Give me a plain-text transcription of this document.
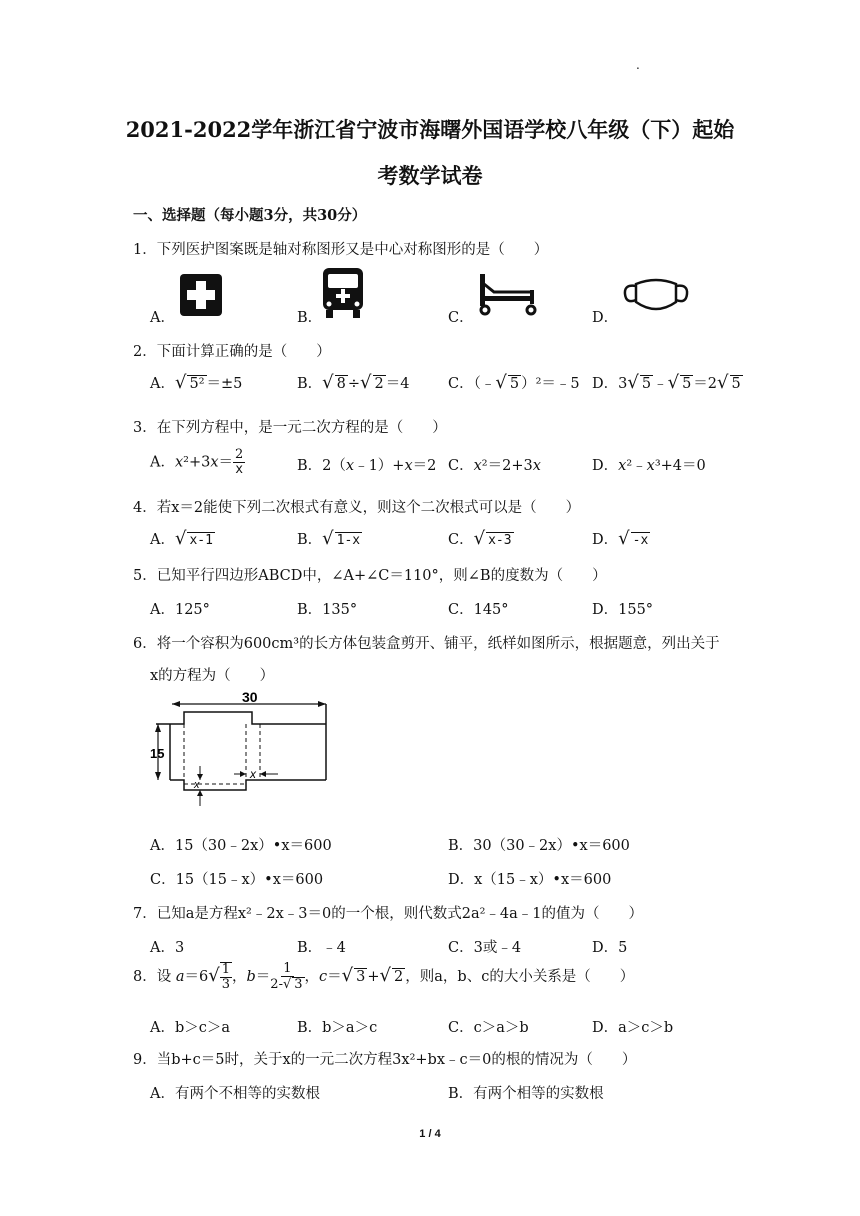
.
2021-2022学年浙江省宁波市海曙外国语学校八年级（下）起始
考数学试卷
一、选择题（每小题3分，共30分）
1．下列医护图案既是轴对称图形又是中心对称图形的是（　　）
A．	B．	C．	D．
2．下面计算正确的是（　　）
A．√ 5² ＝±5	B．√ 8 ÷√ 2 ＝4	C．（﹣√ 5 ）²＝﹣5 D．3√ 5 ﹣√ 5 ＝2√ 5
3．在下列方程中，是一元二次方程的是（　　）
A．$x^2+3x= \frac{2}{x}$	B．2（x﹣1）+x＝2 C．x²＝2+3x	D．x²﹣x³+4＝0
4．若x＝2能使下列二次根式有意义，则这个二次根式可以是（　　）
A．√ x-1	B．√ 1-x	C．√ x-3	D．√ -x
5．已知平行四边形ABCD中，∠A+∠C＝110°，则∠B的度数为（　　）
A．125°	B．135°	C．145°	D．155°
6．将一个容积为600cm³的长方体包装盒剪开、铺平，纸样如图所示，根据题意，列出关于
x的方程为（　　）
30
15
x
x
A．15（30﹣2x）•x＝600	B．30（30﹣2x）•x＝600
C．15（15﹣x）•x＝600	D．x（15﹣x）•x＝600
7．已知a是方程x²﹣2x﹣3＝0的一个根，则代数式2a²﹣4a﹣1的值为（　　）
A．3	B．﹣4	C．3或﹣4	D．5
8．设 $a=6√ \frac{1}{3}$ ，$b= \frac{1}{2-√ 3}$ ，c＝√ 3 +√ 2 ，则a，b、c的大小关系是（　　）
A．b＞c＞a	B．b＞a＞c	C．c＞a＞b	D．a＞c＞b
9．当b+c＝5时，关于x的一元二次方程3x²+bx﹣c＝0的根的情况为（　　）
A．有两个不相等的实数根	B．有两个相等的实数根
1 / 4
